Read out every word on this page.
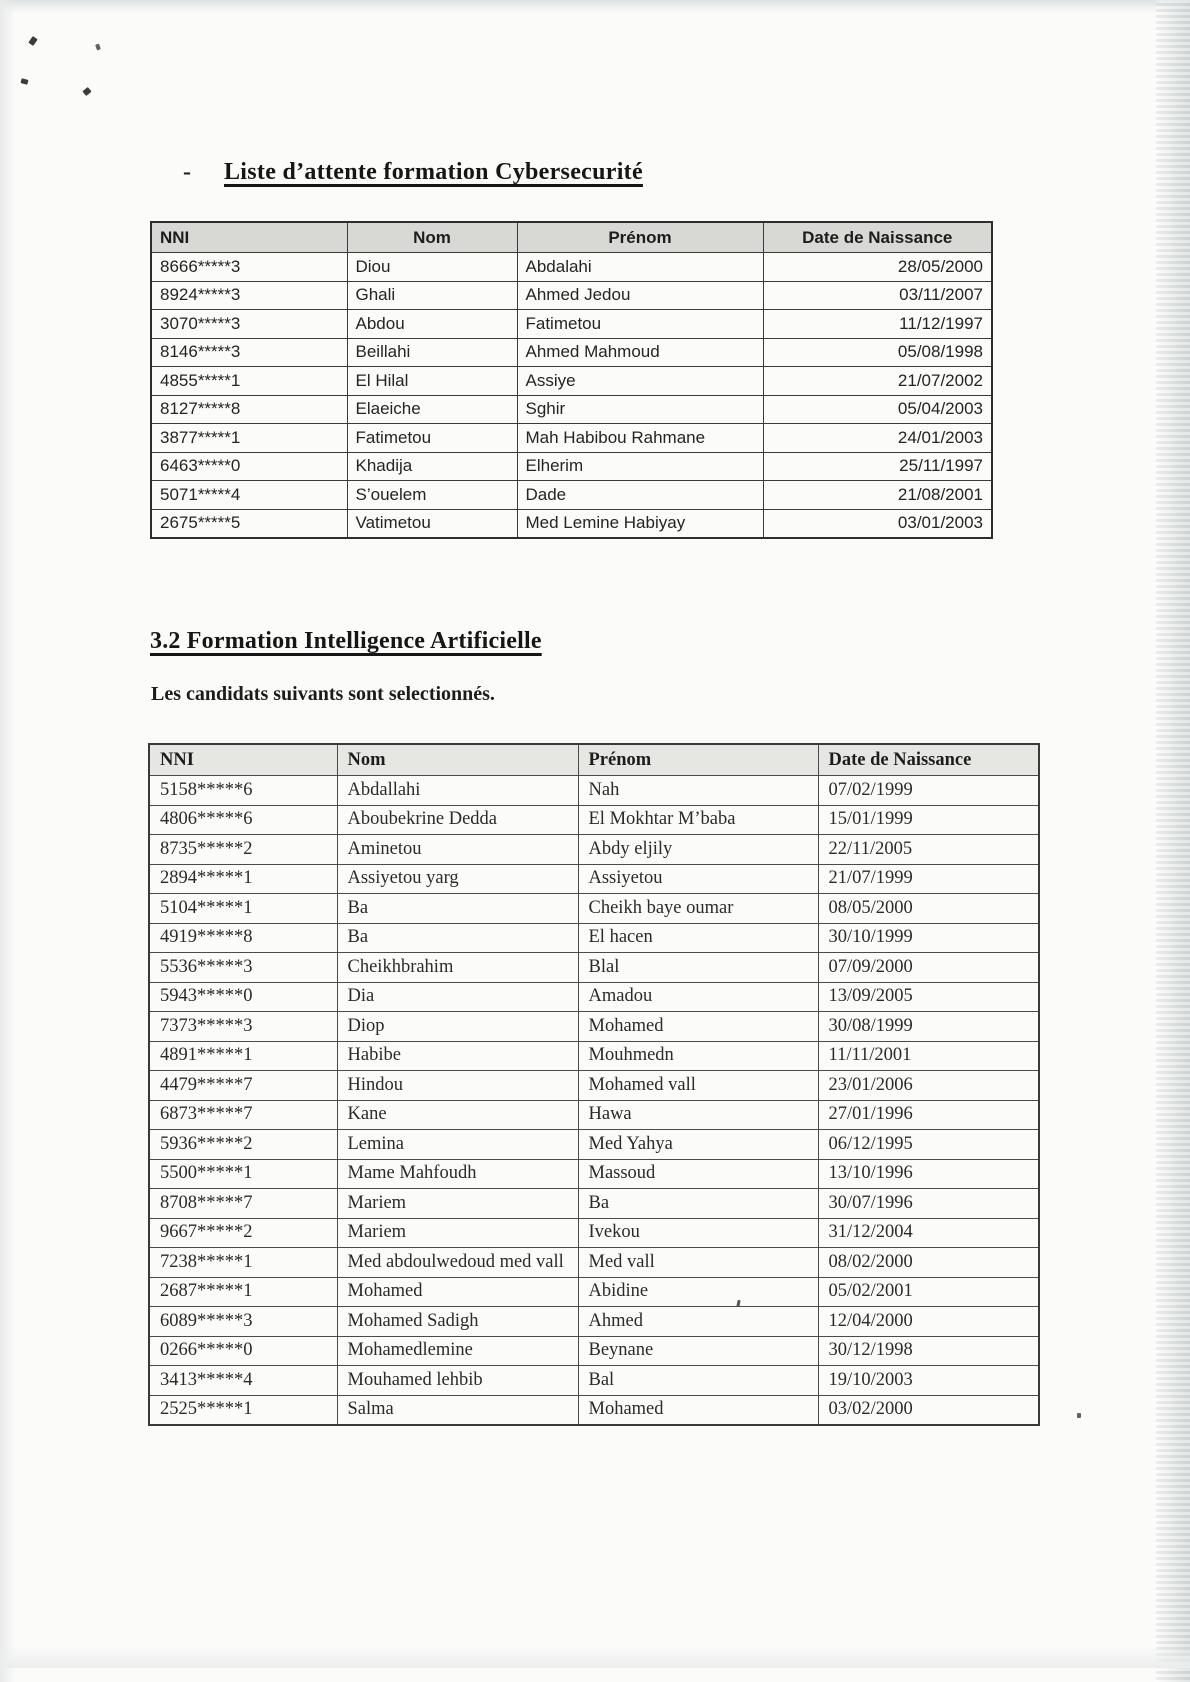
- Liste d’attente formation Cybersecurité
NNI	Nom	Prénom	Date de Naissance
8666*****3	Diou	Abdalahi	28/05/2000
8924*****3	Ghali	Ahmed Jedou	03/11/2007
3070*****3	Abdou	Fatimetou	11/12/1997
8146*****3	Beillahi	Ahmed Mahmoud	05/08/1998
4855*****1	El Hilal	Assiye	21/07/2002
8127*****8	Elaeiche	Sghir	05/04/2003
3877*****1	Fatimetou	Mah Habibou Rahmane	24/01/2003
6463*****0	Khadija	Elherim	25/11/1997
5071*****4	S’ouelem	Dade	21/08/2001
2675*****5	Vatimetou	Med Lemine Habiyay	03/01/2003
3.2 Formation Intelligence Artificielle

Les candidats suivants sont selectionnés.

NNI	Nom	Prénom	Date de Naissance
5158*****6	Abdallahi	Nah	07/02/1999
4806*****6	Aboubekrine Dedda	El Mokhtar M’baba	15/01/1999
8735*****2	Aminetou	Abdy eljily	22/11/2005
2894*****1	Assiyetou yarg	Assiyetou	21/07/1999
5104*****1	Ba	Cheikh baye oumar	08/05/2000
4919*****8	Ba	El hacen	30/10/1999
5536*****3	Cheikhbrahim	Blal	07/09/2000
5943*****0	Dia	Amadou	13/09/2005
7373*****3	Diop	Mohamed	30/08/1999
4891*****1	Habibe	Mouhmedn	11/11/2001
4479*****7	Hindou	Mohamed vall	23/01/2006
6873*****7	Kane	Hawa	27/01/1996
5936*****2	Lemina	Med Yahya	06/12/1995
5500*****1	Mame Mahfoudh	Massoud	13/10/1996
8708*****7	Mariem	Ba	30/07/1996
9667*****2	Mariem	Ivekou	31/12/2004
7238*****1	Med abdoulwedoud med vall	Med vall	08/02/2000
2687*****1	Mohamed	Abidine	05/02/2001
6089*****3	Mohamed Sadigh	Ahmed	12/04/2000
0266*****0	Mohamedlemine	Beynane	30/12/1998
3413*****4	Mouhamed lehbib	Bal	19/10/2003
2525*****1	Salma	Mohamed	03/02/2000
